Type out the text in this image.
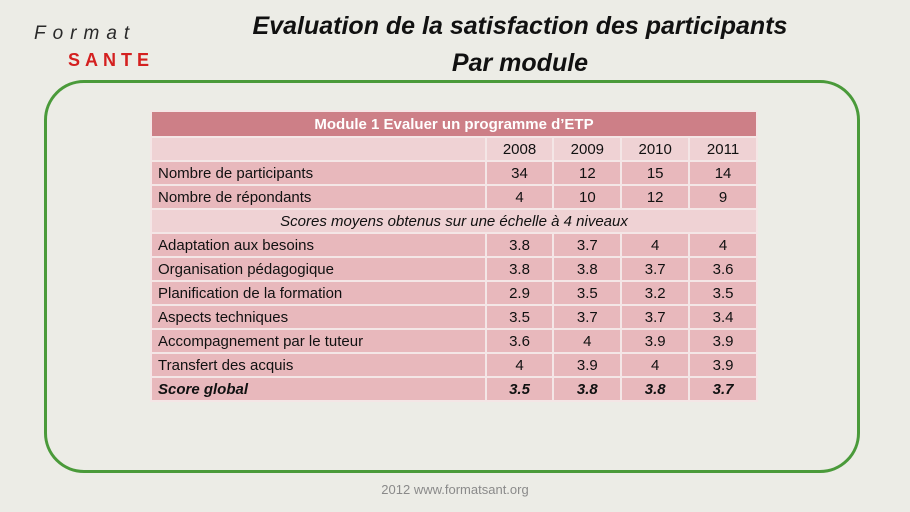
Format
SANTE
Evaluation de la satisfaction des participants
Par module
Module 1 Evaluer un programme d’ETP				
	2008	2009	2010	2011
Nombre de participants	34	12	15	14
Nombre de répondants	4	10	12	9
Scores moyens obtenus sur une échelle à 4 niveaux				
Adaptation aux besoins	3.8	3.7	4	4
Organisation pédagogique	3.8	3.8	3.7	3.6
Planification de la formation	2.9	3.5	3.2	3.5
Aspects techniques	3.5	3.7	3.7	3.4
Accompagnement par le tuteur	3.6	4	3.9	3.9
Transfert des acquis	4	3.9	4	3.9
Score global	3.5	3.8	3.8	3.7
2012 www.formatsant.org
